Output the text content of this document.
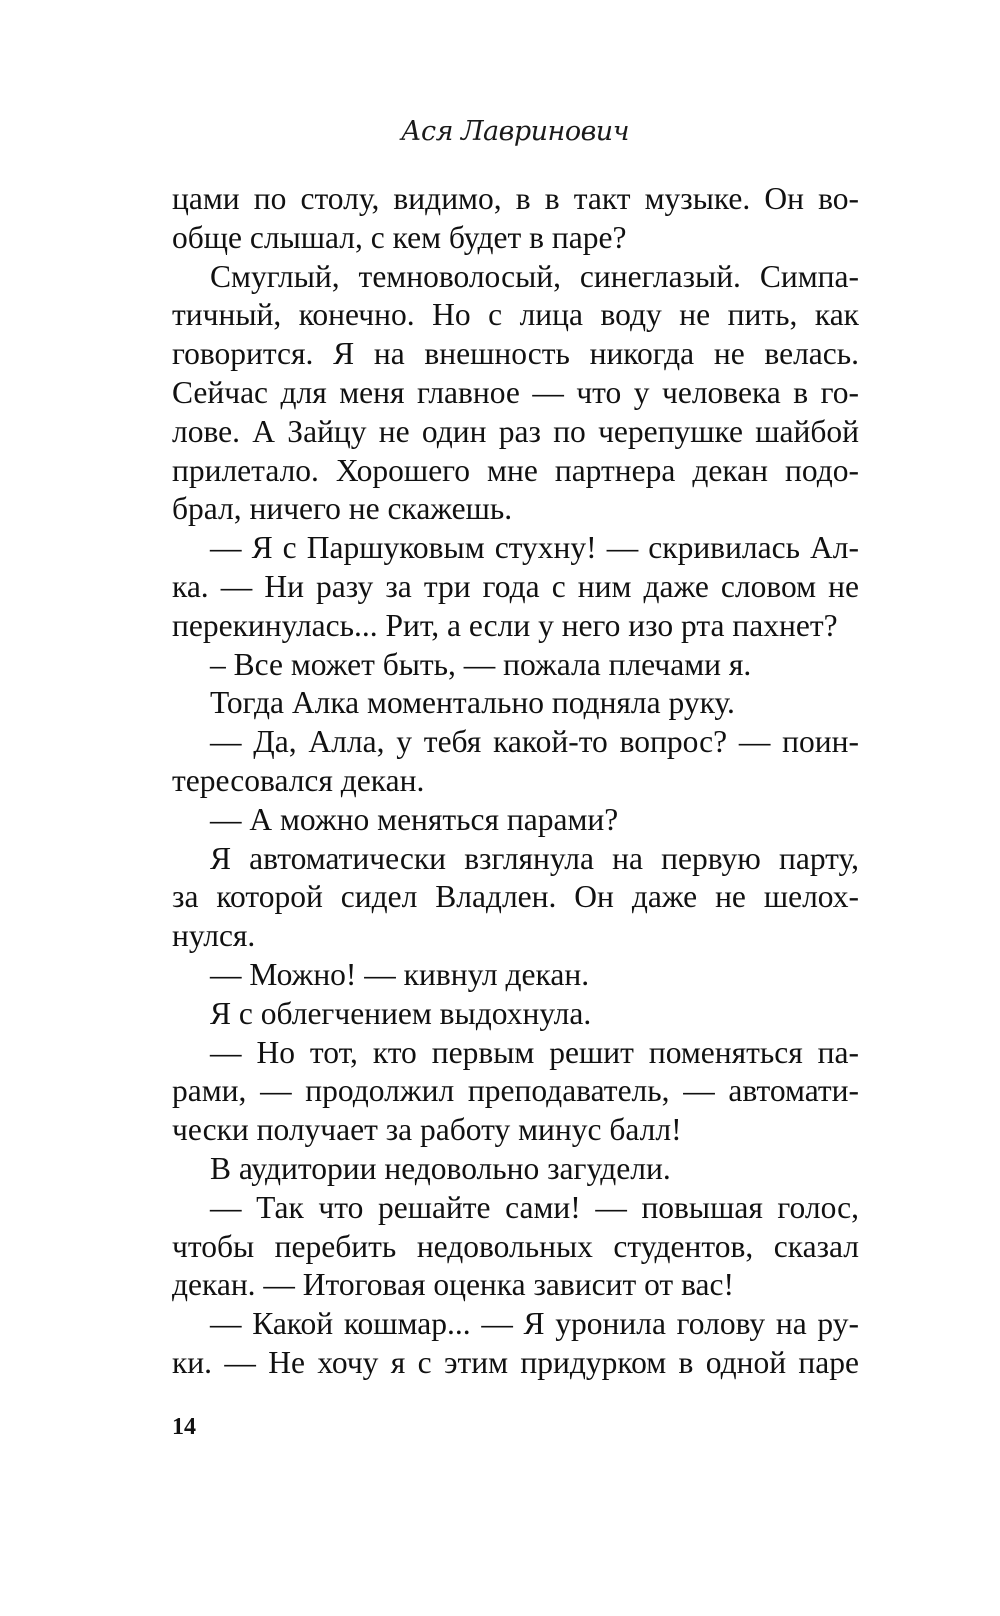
Ася Лавринович
цами по столу, видимо, в в такт музыке. Он во-
обще слышал, с кем будет в паре?
Смуглый, темноволосый, синеглазый. Симпа-
тичный, конечно. Но с лица воду не пить, как
говорится. Я на внешность никогда не велась.
Сейчас для меня главное — что у человека в го-
лове. А Зайцу не один раз по черепушке шайбой
прилетало. Хорошего мне партнера декан подо-
брал, ничего не скажешь.
— Я с Паршуковым стухну! — скривилась Ал-
ка. — Ни разу за три года с ним даже словом не
перекинулась... Рит, а если у него изо рта пахнет?
– Все может быть, — пожала плечами я.
Тогда Алка моментально подняла руку.
— Да, Алла, у тебя какой-то вопрос? — поин-
тересовался декан.
— А можно меняться парами?
Я автоматически взглянула на первую парту,
за которой сидел Владлен. Он даже не шелох-
нулся.
— Можно! — кивнул декан.
Я с облегчением выдохнула.
— Но тот, кто первым решит поменяться па-
рами, — продолжил преподаватель, — автомати-
чески получает за работу минус балл!
В аудитории недовольно загудели.
— Так что решайте сами! — повышая голос,
чтобы перебить недовольных студентов, сказал
декан. — Итоговая оценка зависит от вас!
— Какой кошмар... — Я уронила голову на ру-
ки. — Не хочу я с этим придурком в одной паре
14
